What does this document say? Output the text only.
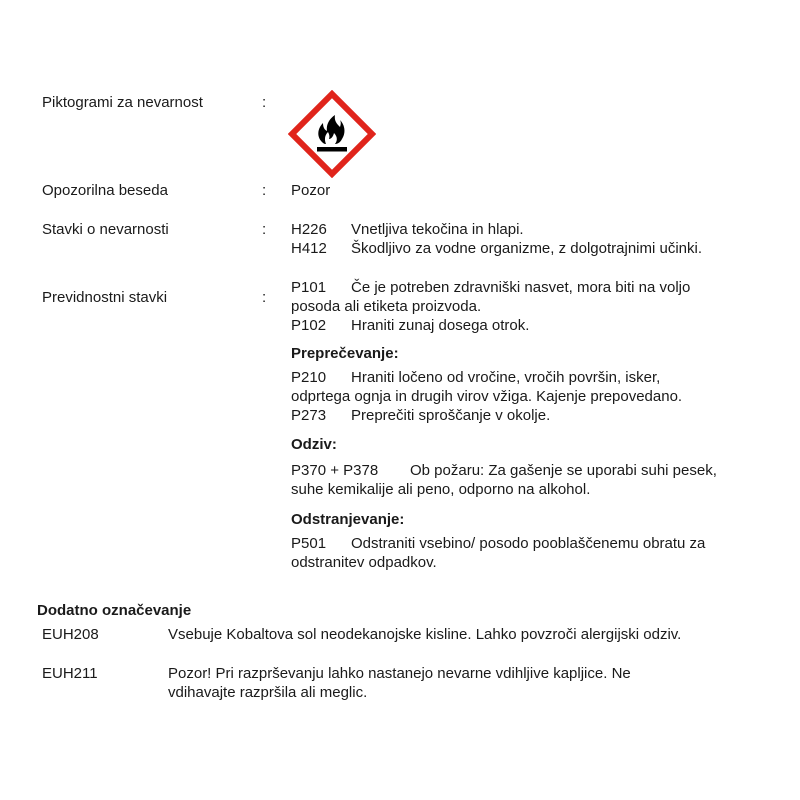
Piktogrami za nevarnost	:
Opozorilna beseda	: Pozor
Stavki o nevarnosti	: H226 Vnetljiva tekočina in hlapi.
H412 Škodljivo za vodne organizme, z dolgotrajnimi učinki.
Previdnostni stavki	:
P101 Če je potreben zdravniški nasvet, mora biti na voljo
posoda ali etiketa proizvoda.
P102 Hraniti zunaj dosega otrok.
Preprečevanje:
P210 Hraniti ločeno od vročine, vročih površin, isker,
odprtega ognja in drugih virov vžiga. Kajenje prepovedano.
P273 Preprečiti sproščanje v okolje.
Odziv:
P370 + P378 Ob požaru: Za gašenje se uporabi suhi pesek,
suhe kemikalije ali peno, odporno na alkohol.
Odstranjevanje:
P501 Odstraniti vsebino/ posodo pooblaščenemu obratu za
odstranitev odpadkov.
Dodatno označevanje
EUH208	Vsebuje Kobaltova sol neodekanojske kisline. Lahko povzroči alergijski odziv.
EUH211	Pozor! Pri razprševanju lahko nastanejo nevarne vdihljive kapljice. Ne
vdihavajte razpršila ali meglic.
